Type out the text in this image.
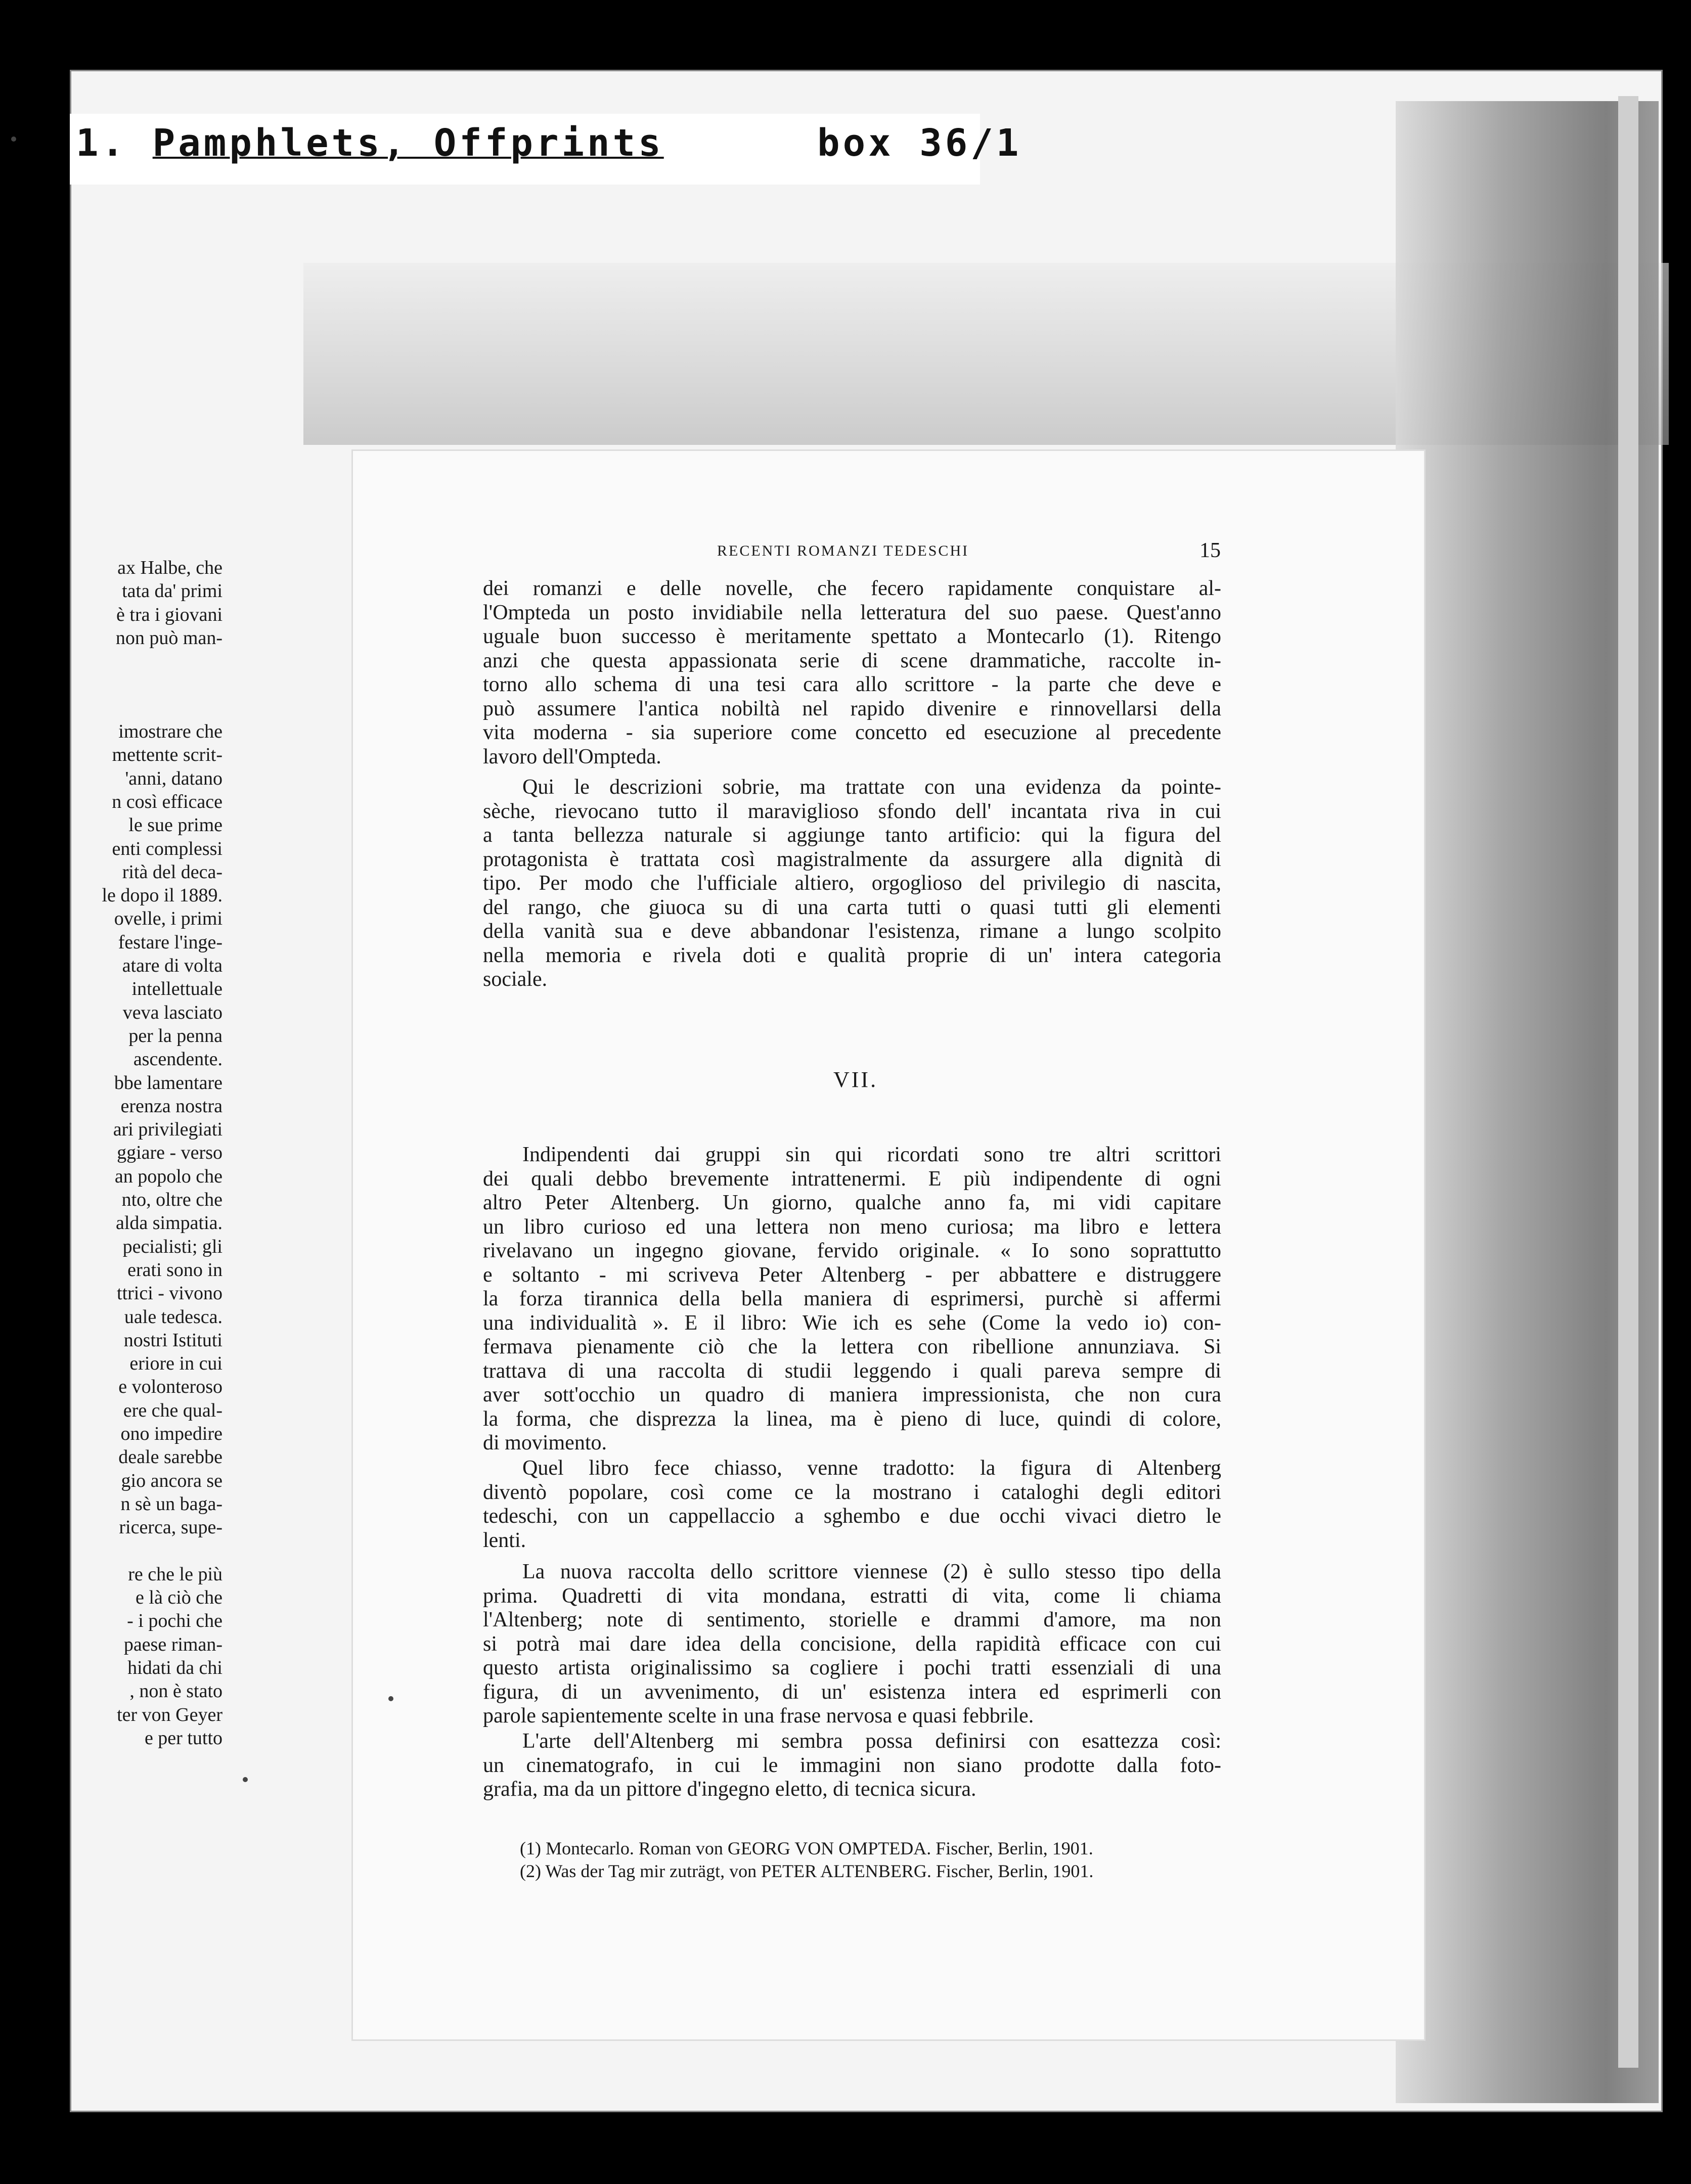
1. Pamphlets, Offprints	box 36/1
ax Halbe, che
tata da' primi
è tra i giovani
non può man-
imostrare che
mettente scrit-
'anni, datano
n così efficace
le sue prime
enti complessi
rità del deca-
le dopo il 1889.
ovelle, i primi
festare l'inge-
atare di volta
intellettuale
veva lasciato
per la penna
ascendente.
bbe lamentare
erenza nostra
ari privilegiati
ggiare - verso
an popolo che
nto, oltre che
alda simpatia.
pecialisti; gli
erati sono in
ttrici - vivono
uale tedesca.
nostri Istituti
eriore in cui
e volonteroso
ere che qual-
ono impedire
deale sarebbe
gio ancora se
n sè un baga-
ricerca, supe-
re che le più
e là ciò che
- i pochi che
paese riman-
hidati da chi
, non è stato
ter von Geyer
e per tutto
RECENTI ROMANZI TEDESCHI	15
dei romanzi e delle novelle, che fecero rapidamente conquistare al-
l'Ompteda un posto invidiabile nella letteratura del suo paese. Quest'anno
uguale buon successo è meritamente spettato a Montecarlo (1). Ritengo
anzi che questa appassionata serie di scene drammatiche, raccolte in-
torno allo schema di una tesi cara allo scrittore - la parte che deve e
può assumere l'antica nobiltà nel rapido divenire e rinnovellarsi della
vita moderna - sia superiore come concetto ed esecuzione al precedente
lavoro dell'Ompteda.
Qui le descrizioni sobrie, ma trattate con una evidenza da pointe-
sèche, rievocano tutto il maraviglioso sfondo dell' incantata riva in cui
a tanta bellezza naturale si aggiunge tanto artificio: qui la figura del
protagonista è trattata così magistralmente da assurgere alla dignità di
tipo. Per modo che l'ufficiale altiero, orgoglioso del privilegio di nascita,
del rango, che giuoca su di una carta tutti o quasi tutti gli elementi
della vanità sua e deve abbandonar l'esistenza, rimane a lungo scolpito
nella memoria e rivela doti e qualità proprie di un' intera categoria
sociale.
Indipendenti dai gruppi sin qui ricordati sono tre altri scrittori
dei quali debbo brevemente intrattenermi. E più indipendente di ogni
altro Peter Altenberg. Un giorno, qualche anno fa, mi vidi capitare
un libro curioso ed una lettera non meno curiosa; ma libro e lettera
rivelavano un ingegno giovane, fervido originale. « Io sono soprattutto
e soltanto - mi scriveva Peter Altenberg - per abbattere e distruggere
la forza tirannica della bella maniera di esprimersi, purchè si affermi
una individualità ». E il libro: Wie ich es sehe (Come la vedo io) con-
fermava pienamente ciò che la lettera con ribellione annunziava. Si
trattava di una raccolta di studii leggendo i quali pareva sempre di
aver sott'occhio un quadro di maniera impressionista, che non cura
la forma, che disprezza la linea, ma è pieno di luce, quindi di colore,
di movimento.
Quel libro fece chiasso, venne tradotto: la figura di Altenberg
diventò popolare, così come ce la mostrano i cataloghi degli editori
tedeschi, con un cappellaccio a sghembo e due occhi vivaci dietro le
lenti.
La nuova raccolta dello scrittore viennese (2) è sullo stesso tipo della
prima. Quadretti di vita mondana, estratti di vita, come li chiama
l'Altenberg; note di sentimento, storielle e drammi d'amore, ma non
si potrà mai dare idea della concisione, della rapidità efficace con cui
questo artista originalissimo sa cogliere i pochi tratti essenziali di una
figura, di un avvenimento, di un' esistenza intera ed esprimerli con
parole sapientemente scelte in una frase nervosa e quasi febbrile.
L'arte dell'Altenberg mi sembra possa definirsi con esattezza così:
un cinematografo, in cui le immagini non siano prodotte dalla foto-
grafia, ma da un pittore d'ingegno eletto, di tecnica sicura.
VII.
(1) Montecarlo. Roman von GEORG VON OMPTEDA. Fischer, Berlin, 1901.
(2) Was der Tag mir zuträgt, von PETER ALTENBERG. Fischer, Berlin, 1901.
